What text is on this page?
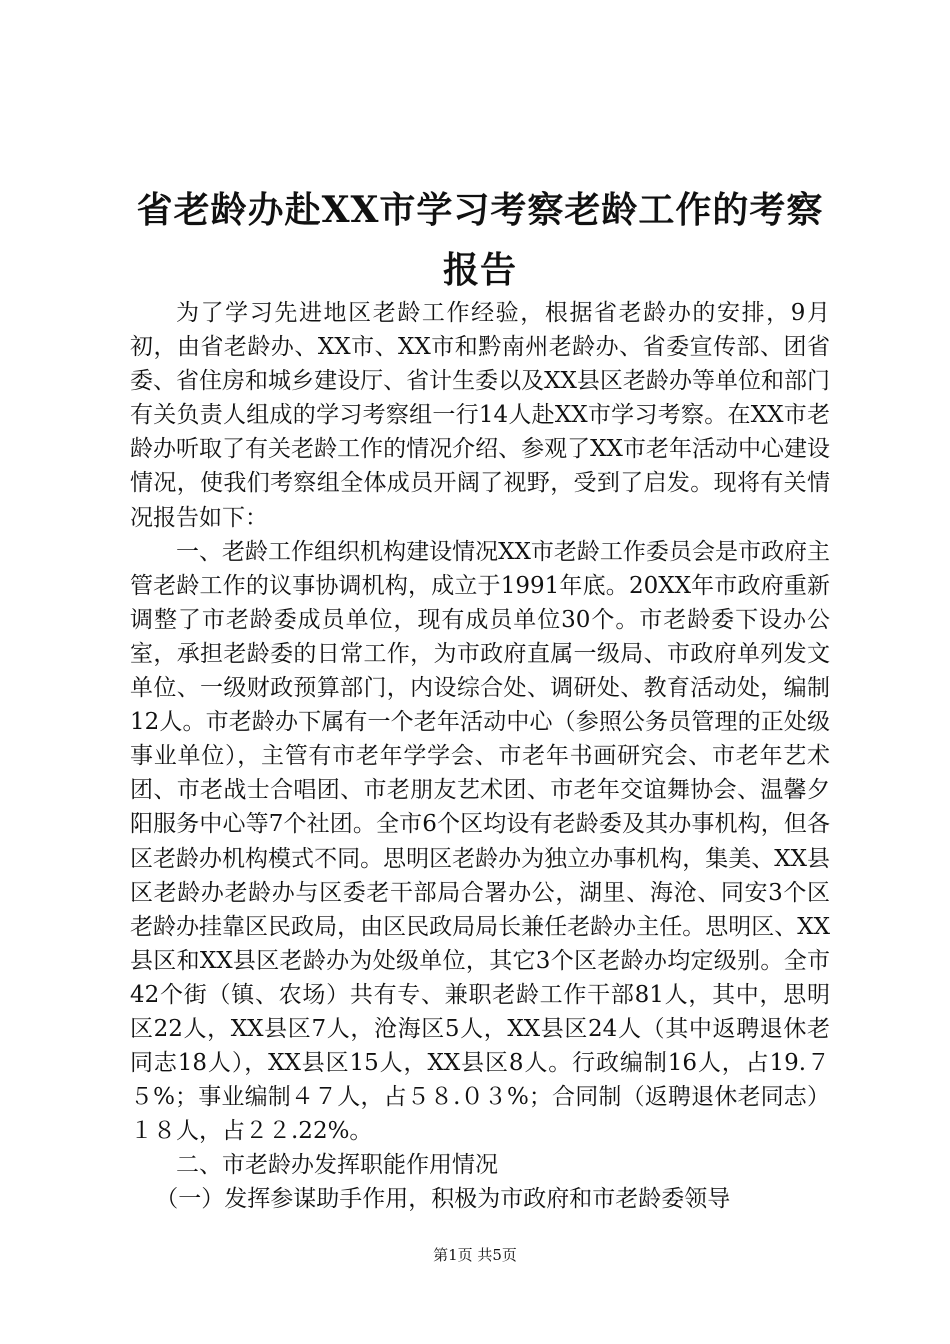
省老龄办赴XX市学习考察老龄工作的考察报告

为了学习先进地区老龄工作经验，根据省老龄办的安排，9月初，由省老龄办、XX市、XX市和黔南州老龄办、省委宣传部、团省委、省住房和城乡建设厅、省计生委以及XX县区老龄办等单位和部门有关负责人组成的学习考察组一行14人赴XX市学习考察。在XX市老龄办听取了有关老龄工作的情况介绍、参观了XX市老年活动中心建设情况，使我们考察组全体成员开阔了视野，受到了启发。现将有关情况报告如下：

一、老龄工作组织机构建设情况XX市老龄工作委员会是市政府主管老龄工作的议事协调机构，成立于1991年底。20XX年市政府重新调整了市老龄委成员单位，现有成员单位30个。市老龄委下设办公室，承担老龄委的日常工作，为市政府直属一级局、市政府单列发文单位、一级财政预算部门，内设综合处、调研处、教育活动处，编制12人。市老龄办下属有一个老年活动中心（参照公务员管理的正处级事业单位），主管有市老年学学会、市老年书画研究会、市老年艺术团、市老战士合唱团、市老朋友艺术团、市老年交谊舞协会、温馨夕阳服务中心等7个社团。全市6个区均设有老龄委及其办事机构，但各区老龄办机构模式不同。思明区老龄办为独立办事机构，集美、XX县区老龄办老龄办与区委老干部局合署办公，湖里、海沧、同安3个区老龄办挂靠区民政局，由区民政局局长兼任老龄办主任。思明区、XX县区和XX县区老龄办为处级单位，其它3个区老龄办均定级别。全市42个街（镇、农场）共有专、兼职老龄工作干部81人，其中，思明区22人，XX县区7人，沧海区5人，XX县区24人（其中返聘退休老同志18人），XX县区15人，XX县区8人。行政编制16人，占19.７５%；事业编制４７人，占５８.０３%；合同制（返聘退休老同志）１８人，占２２.22%。

二、市老龄办发挥职能作用情况

（一）发挥参谋助手作用，积极为市政府和市老龄委领导

第1页 共5页
